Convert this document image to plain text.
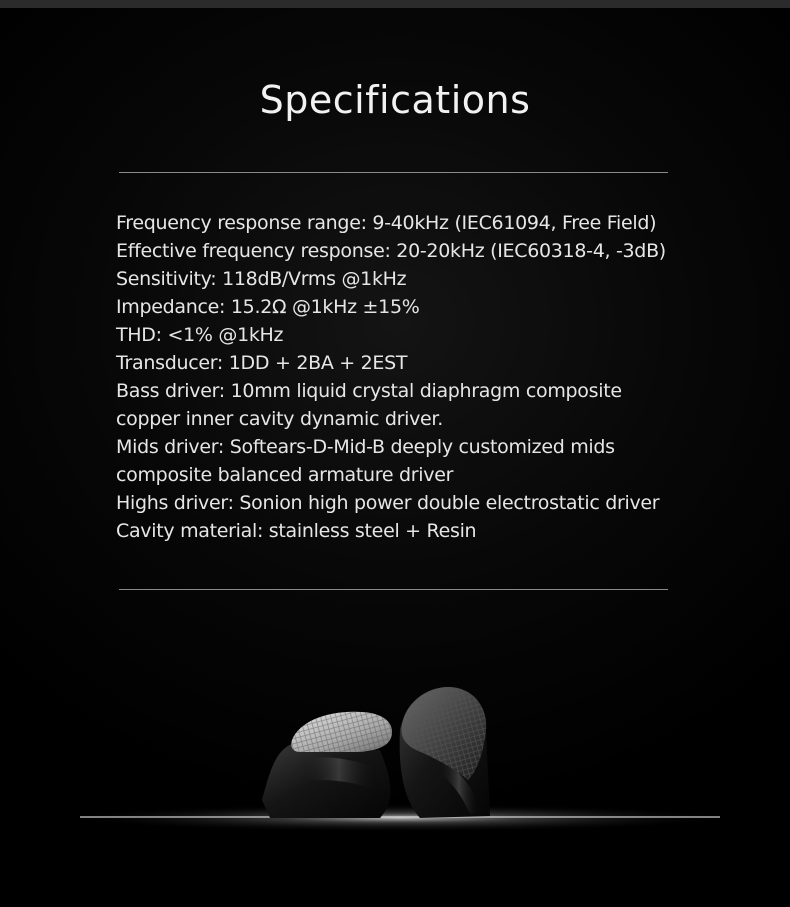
Specifications
Frequency response range: 9-40kHz (IEC61094, Free Field)
Effective frequency response: 20-20kHz (IEC60318-4, -3dB)
Sensitivity: 118dB/Vrms @1kHz
Impedance: 15.2Ω @1kHz ±15%
THD: <1% @1kHz
Transducer: 1DD + 2BA + 2EST
Bass driver: 10mm liquid crystal diaphragm composite
copper inner cavity dynamic driver.
Mids driver: Softears-D-Mid-B deeply customized mids
composite balanced armature driver
Highs driver: Sonion high power double electrostatic driver
Cavity material: stainless steel + Resin
